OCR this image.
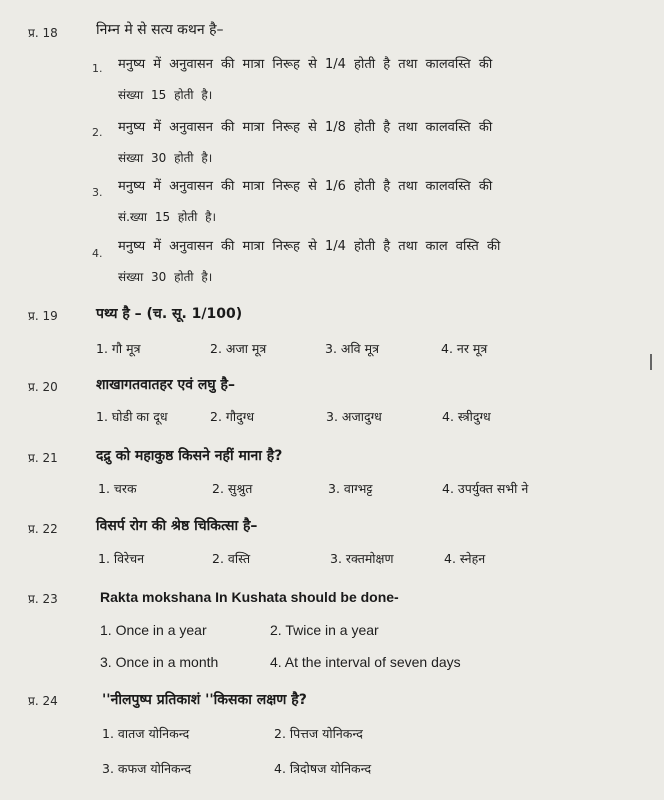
प्र. 18	निम्न मे से सत्य कथन है–
1. मनुष्य में अनुवासन की मात्रा निरूह से 1/4 होती है तथा कालवस्ति की
संख्या 15 होती है।
2. मनुष्य में अनुवासन की मात्रा निरूह से 1/8 होती है तथा कालवस्ति की
संख्या 30 होती है।
3. मनुष्य में अनुवासन की मात्रा निरूह से 1/6 होती है तथा कालवस्ति की
सं.ख्या 15 होती है।
4. मनुष्य में अनुवासन की मात्रा निरूह से 1/4 होती है तथा काल वस्ति की
संख्या 30 होती है।
प्र. 19	पथ्य है – (च. सू. 1/100)
1. गौ मूत्र	2. अजा मूत्र	3. अवि मूत्र	4. नर मूत्र
प्र. 20	शाखागतवातहर एवं लघु है–
1. घोडी का दूध	2. गौदुग्ध	3. अजादुग्ध	4. स्त्रीदुग्ध
प्र. 21	दद्रु को महाकुष्ठ किसने नहीं माना है?
1. चरक	2. सुश्रुत	3. वाग्भट्ट	4. उपर्युक्त सभी ने
प्र. 22	विसर्प रोग की श्रेष्ठ चिकित्सा है–
1. विरेचन	2. वस्ति	3. रक्तमोक्षण	4. स्नेहन
प्र. 23	Rakta mokshana In Kushata should be done-
1. Once in a year	2. Twice in a year
3. Once in a month	4. At the interval of seven days
प्र. 24	''नीलपुष्प प्रतिकाशं ''किसका लक्षण है?
1. वातज योनिकन्द	2. पित्तज योनिकन्द
3. कफज योनिकन्द	4. त्रिदोषज योनिकन्द
